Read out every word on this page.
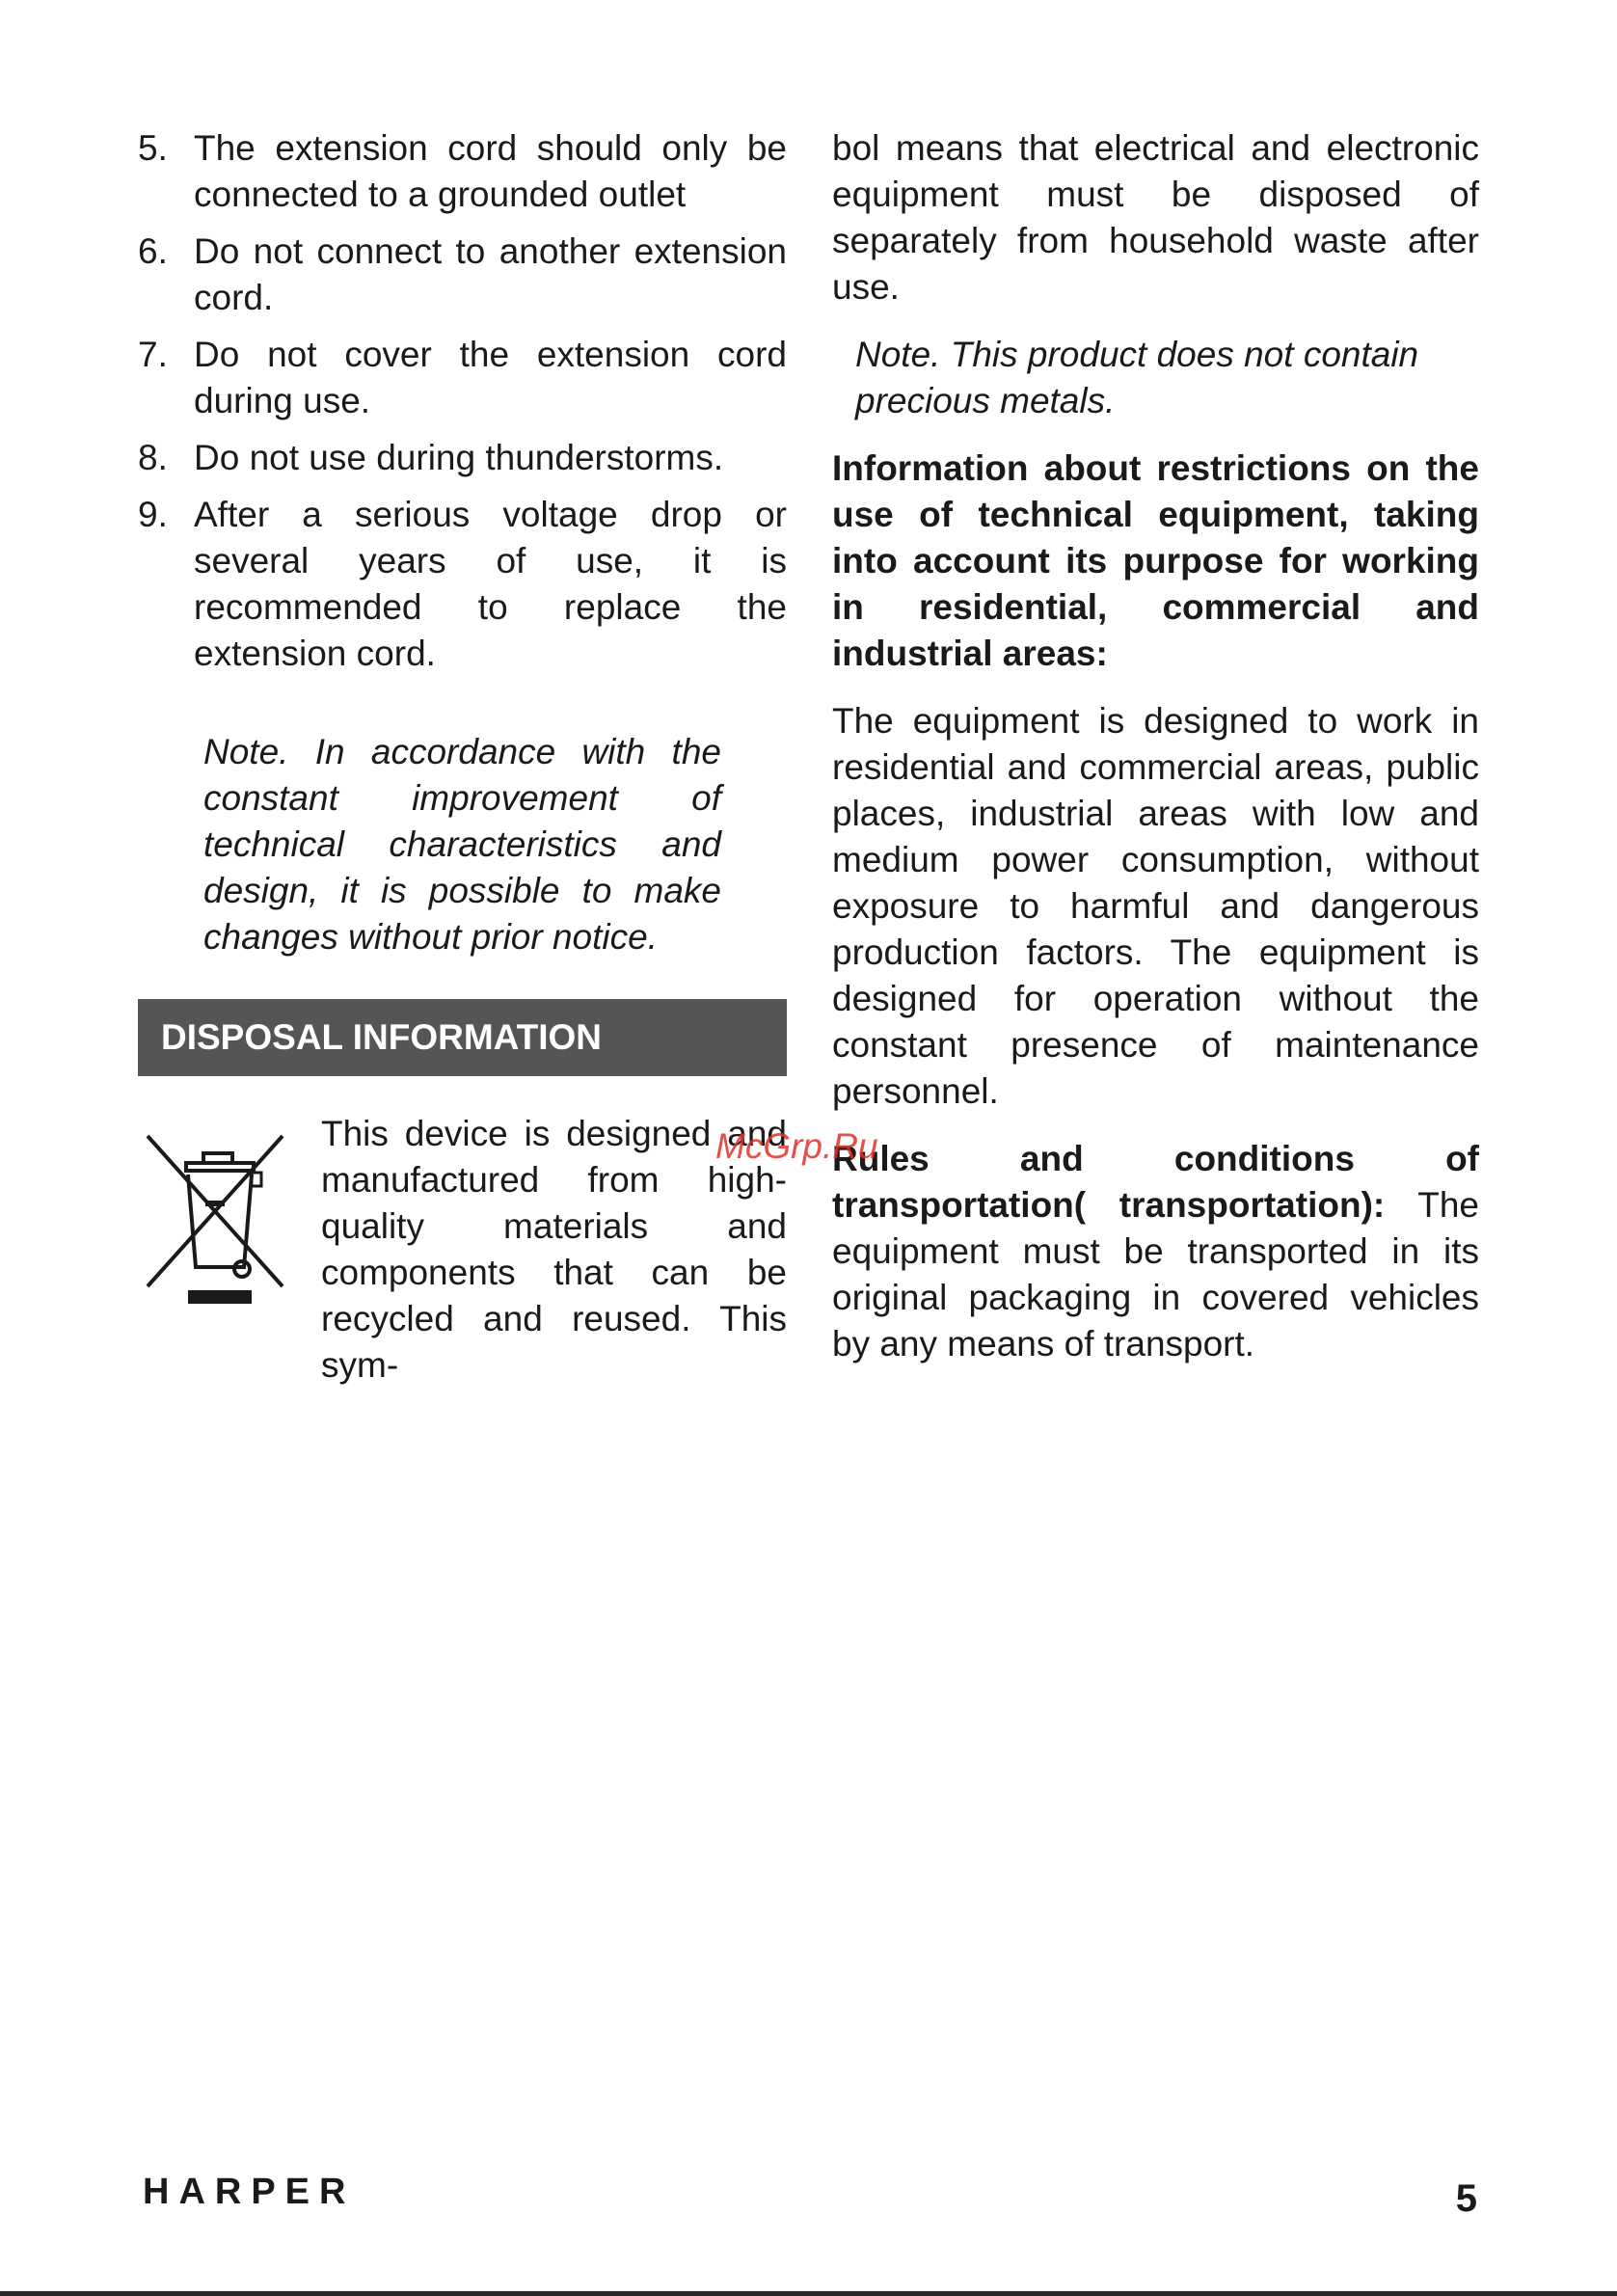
5. The extension cord should only be connected to a grounded outlet
6. Do not connect to another extension cord.
7. Do not cover the extension cord during use.
8. Do not use during thunderstorms.
9. After a serious voltage drop or several years of use, it is recommended to replace the extension cord.

Note. In accordance with the constant improvement of technical characteristics and design, it is possible to make changes without prior notice.

DISPOSAL INFORMATION

This device is designed and manufactured from high-quality materials and components that can be recycled and reused. This sym-

bol means that electrical and electronic equipment must be disposed of separately from household waste after use.

Note. This product does not contain precious metals.

Information about restrictions on the use of technical equipment, taking into account its purpose for working in residential, commercial and industrial areas:

The equipment is designed to work in residential and commercial areas, public places, industrial areas with low and medium power consumption, without exposure to harmful and dangerous production factors. The equipment is designed for operation without the constant presence of maintenance personnel.

Rules and conditions of transportation( transportation): The equipment must be transported in its original packaging in covered vehicles by any means of transport.

McGrp.Ru
HARPER	5
